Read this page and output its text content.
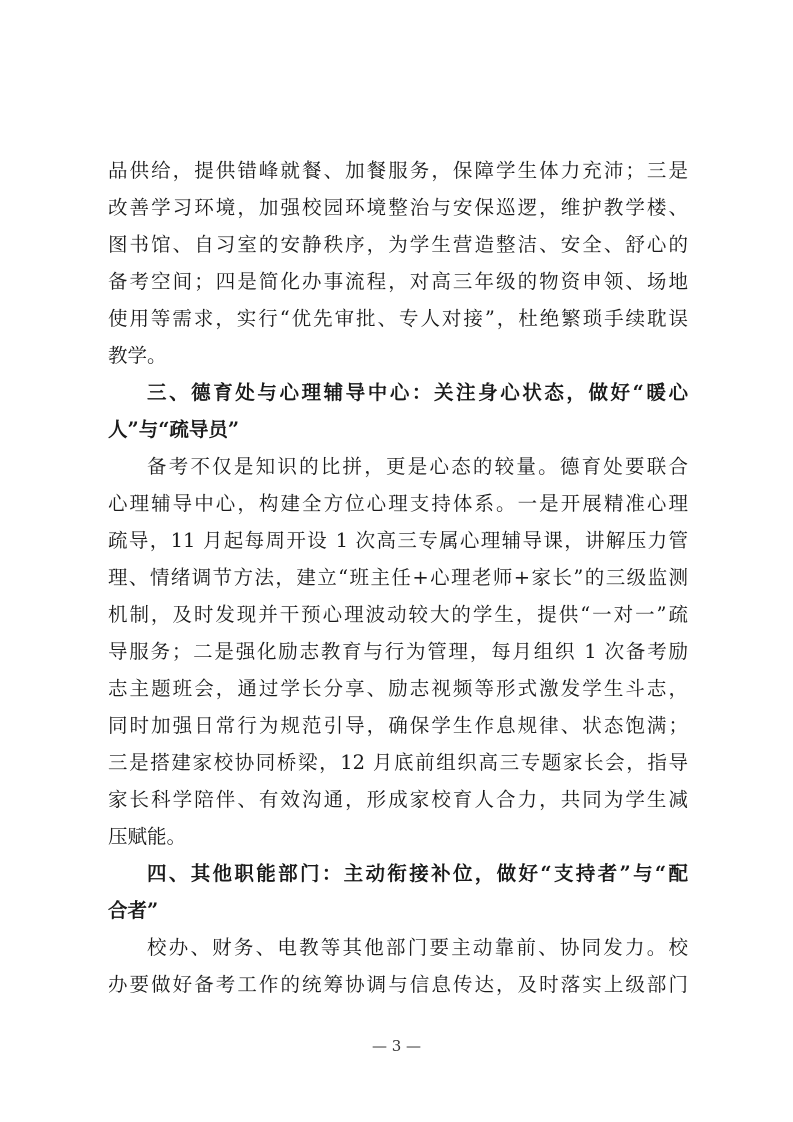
品供给，提供错峰就餐、加餐服务，保障学生体力充沛；三是
改善学习环境，加强校园环境整治与安保巡逻，维护教学楼、
图书馆、自习室的安静秩序，为学生营造整洁、安全、舒心的
备考空间；四是简化办事流程，对高三年级的物资申领、场地
使用等需求，实行“优先审批、专人对接”，杜绝繁琐手续耽误
教学。
三、德育处与心理辅导中心：关注身心状态，做好“暖心
人”与“疏导员”
备考不仅是知识的比拼，更是心态的较量。德育处要联合
心理辅导中心，构建全方位心理支持体系。一是开展精准心理
疏导，11 月起每周开设 1 次高三专属心理辅导课，讲解压力管
理、情绪调节方法，建立“班主任+心理老师+家长”的三级监测
机制，及时发现并干预心理波动较大的学生，提供“一对一”疏
导服务；二是强化励志教育与行为管理，每月组织 1 次备考励
志主题班会，通过学长分享、励志视频等形式激发学生斗志，
同时加强日常行为规范引导，确保学生作息规律、状态饱满；
三是搭建家校协同桥梁，12 月底前组织高三专题家长会，指导
家长科学陪伴、有效沟通，形成家校育人合力，共同为学生减
压赋能。
四、其他职能部门：主动衔接补位，做好“支持者”与“配
合者”
校办、财务、电教等其他部门要主动靠前、协同发力。校
办要做好备考工作的统筹协调与信息传达，及时落实上级部门
— 3 —
